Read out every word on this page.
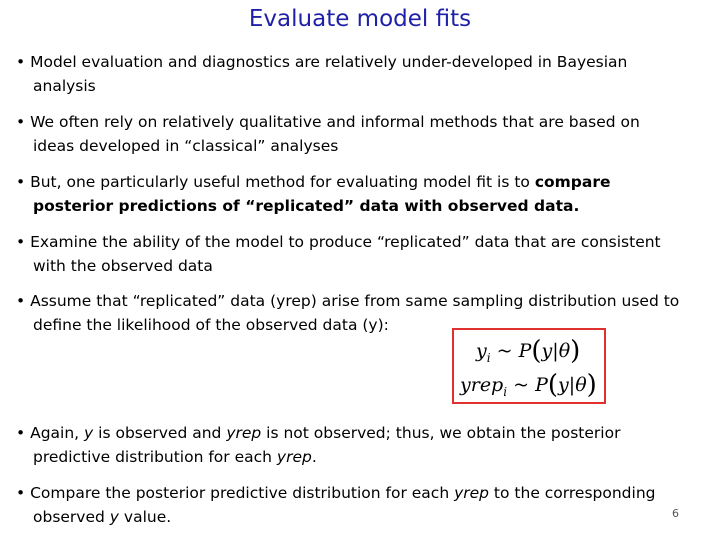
Evaluate model fits
• Model evaluation and diagnostics are relatively under-developed in Bayesian
analysis
• We often rely on relatively qualitative and informal methods that are based on
ideas developed in “classical” analyses
• But, one particularly useful method for evaluating model fit is to compare
posterior predictions of “replicated” data with observed data.
• Examine the ability of the model to produce “replicated” data that are consistent
with the observed data
• Assume that “replicated” data (yrep) arise from same sampling distribution used to
define the likelihood of the observed data (y):
$y_i$ ~ P(y|θ)
yrep$_i$ ~ P(y|θ)
• Again, y is observed and yrep is not observed; thus, we obtain the posterior
predictive distribution for each yrep.
• Compare the posterior predictive distribution for each yrep to the corresponding
observed y value.	6
